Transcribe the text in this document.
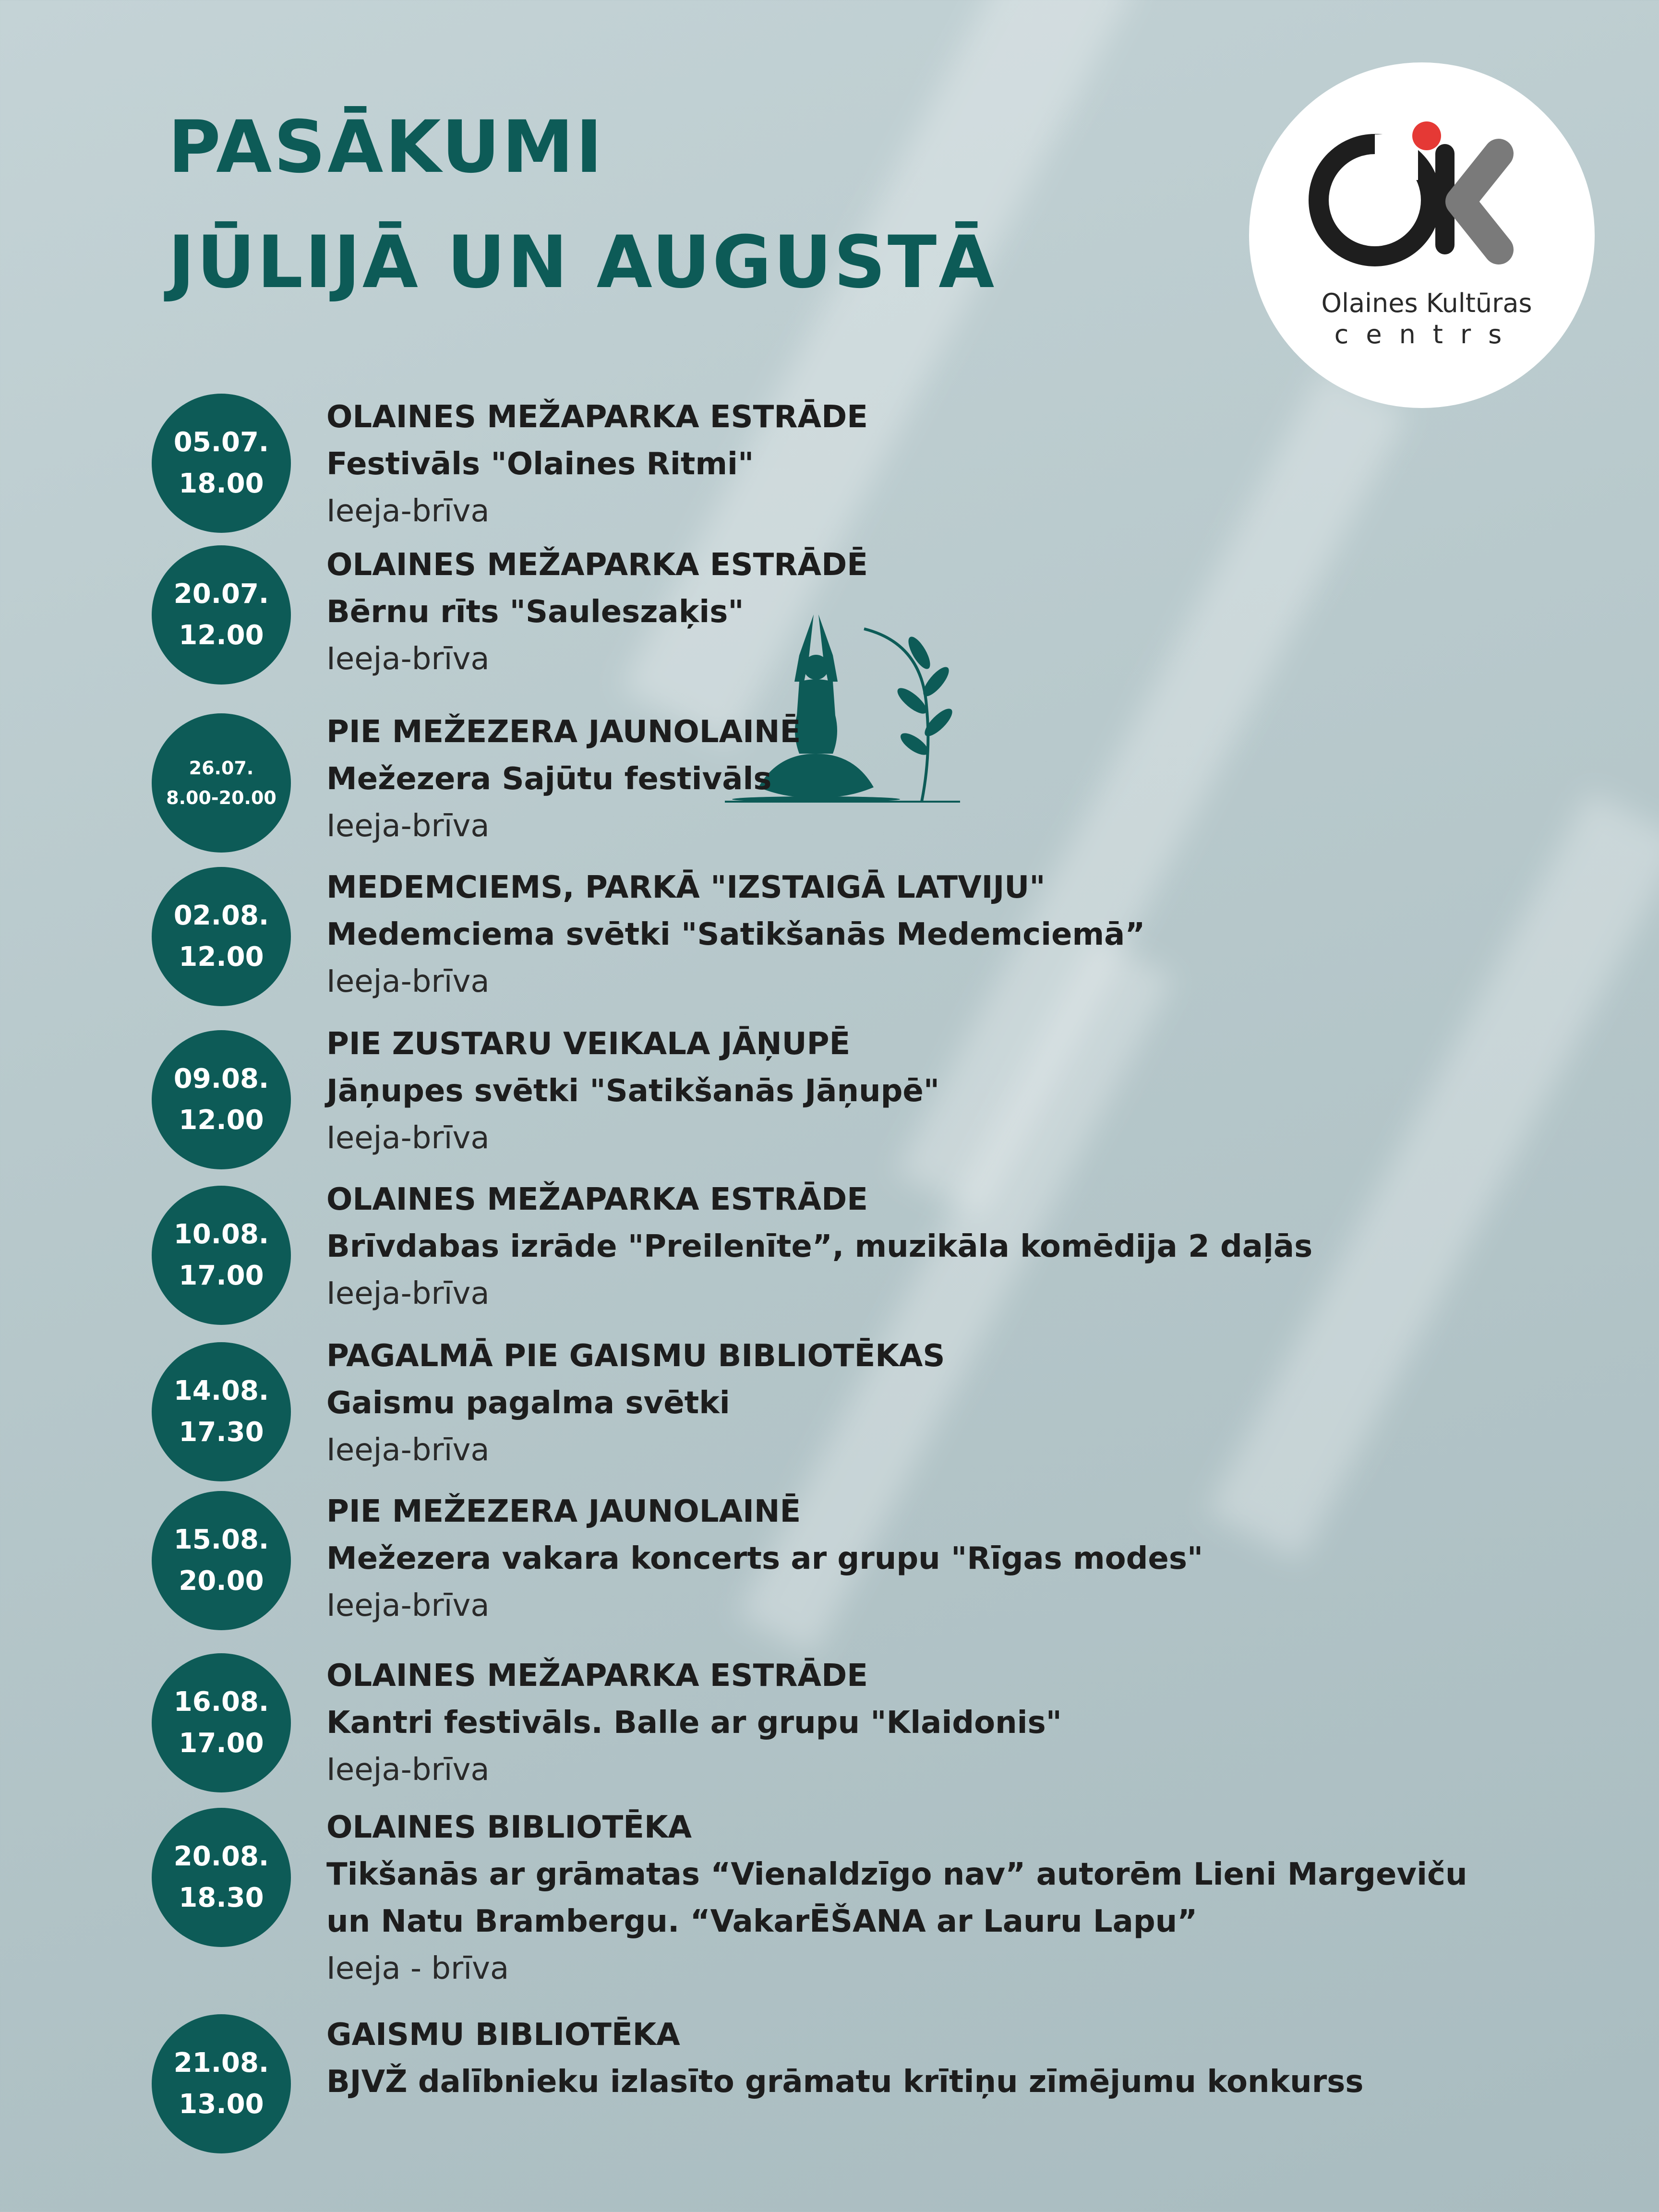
PASĀKUMI
JŪLIJĀ UN AUGUSTĀ	Olaines Kultūras
centrs
05.07.
18.00

OLAINES MEŽAPARKA ESTRĀDE

Festivāls "Olaines Ritmi"

Ieeja-brīva

20.07.
12.00

OLAINES MEŽAPARKA ESTRĀDĒ

Bērnu rīts "Sauleszaķis"

Ieeja-brīva

26.07.
8.00-20.00

PIE MEŽEZERA JAUNOLAINĒ

Mežezera Sajūtu festivāls

Ieeja-brīva

02.08.
12.00

MEDEMCIEMS, PARKĀ "IZSTAIGĀ LATVIJU"

Medemciema svētki "Satikšanās Medemciemā”

Ieeja-brīva

09.08.
12.00

PIE ZUSTARU VEIKALA JĀŅUPĒ

Jāņupes svētki "Satikšanās Jāņupē"

Ieeja-brīva

10.08.
17.00

OLAINES MEŽAPARKA ESTRĀDE

Brīvdabas izrāde "Preilenīte”, muzikāla komēdija 2 daļās

Ieeja-brīva

14.08.
17.30

PAGALMĀ PIE GAISMU BIBLIOTĒKAS

Gaismu pagalma svētki

Ieeja-brīva

15.08.
20.00

PIE MEŽEZERA JAUNOLAINĒ

Mežezera vakara koncerts ar grupu "Rīgas modes"

Ieeja-brīva

16.08.
17.00

OLAINES MEŽAPARKA ESTRĀDE

Kantri festivāls. Balle ar grupu "Klaidonis"

Ieeja-brīva

20.08.
18.30

OLAINES BIBLIOTĒKA

Tikšanās ar grāmatas “Vienaldzīgo nav” autorēm Lieni Margeviču

un Natu Brambergu. “VakarĒŠANA ar Lauru Lapu”

Ieeja - brīva

21.08.
13.00

GAISMU BIBLIOTĒKA

BJVŽ dalībnieku izlasīto grāmatu krītiņu zīmējumu konkurss
